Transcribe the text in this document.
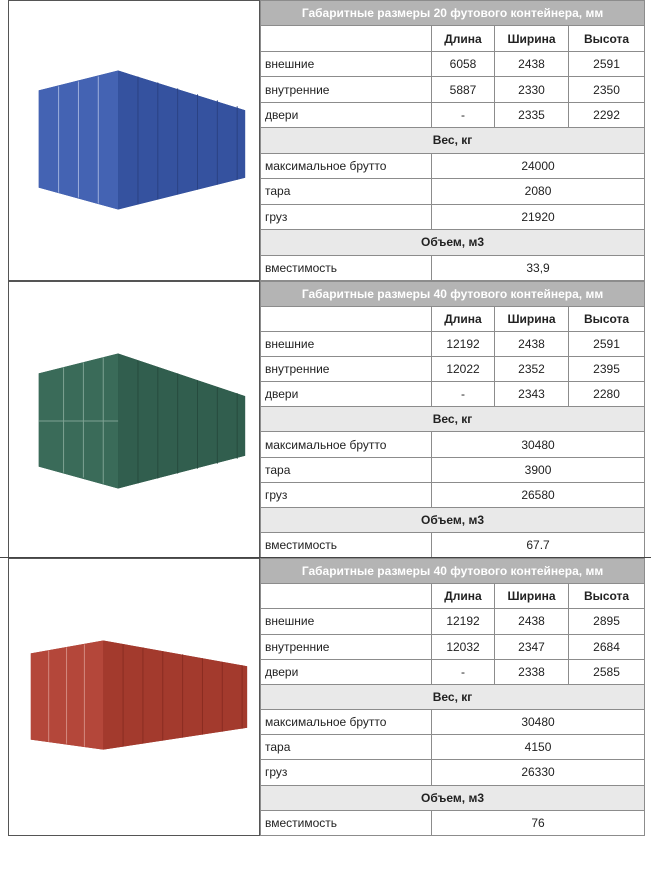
Габаритные размеры 20 футового контейнера, мм			
	Длина	Ширина	Высота
внешние	6058	2438	2591
внутренние	5887	2330	2350
двери	-	2335	2292
Вес, кг			
максимальное брутто	24000		
тара	2080		
груз	21920		
Объем, м3			
вместимость	33,9		
Габаритные размеры 40 футового контейнера, мм			
	Длина	Ширина	Высота
внешние	12192	2438	2591
внутренние	12022	2352	2395
двери	-	2343	2280
Вес, кг			
максимальное брутто	30480		
тара	3900		
груз	26580		
Объем, м3			
вместимость	67.7		
Габаритные размеры 40 футового контейнера, мм			
	Длина	Ширина	Высота
внешние	12192	2438	2895
внутренние	12032	2347	2684
двери	-	2338	2585
Вес, кг			
максимальное брутто	30480		
тара	4150		
груз	26330		
Объем, м3			
вместимость	76		
